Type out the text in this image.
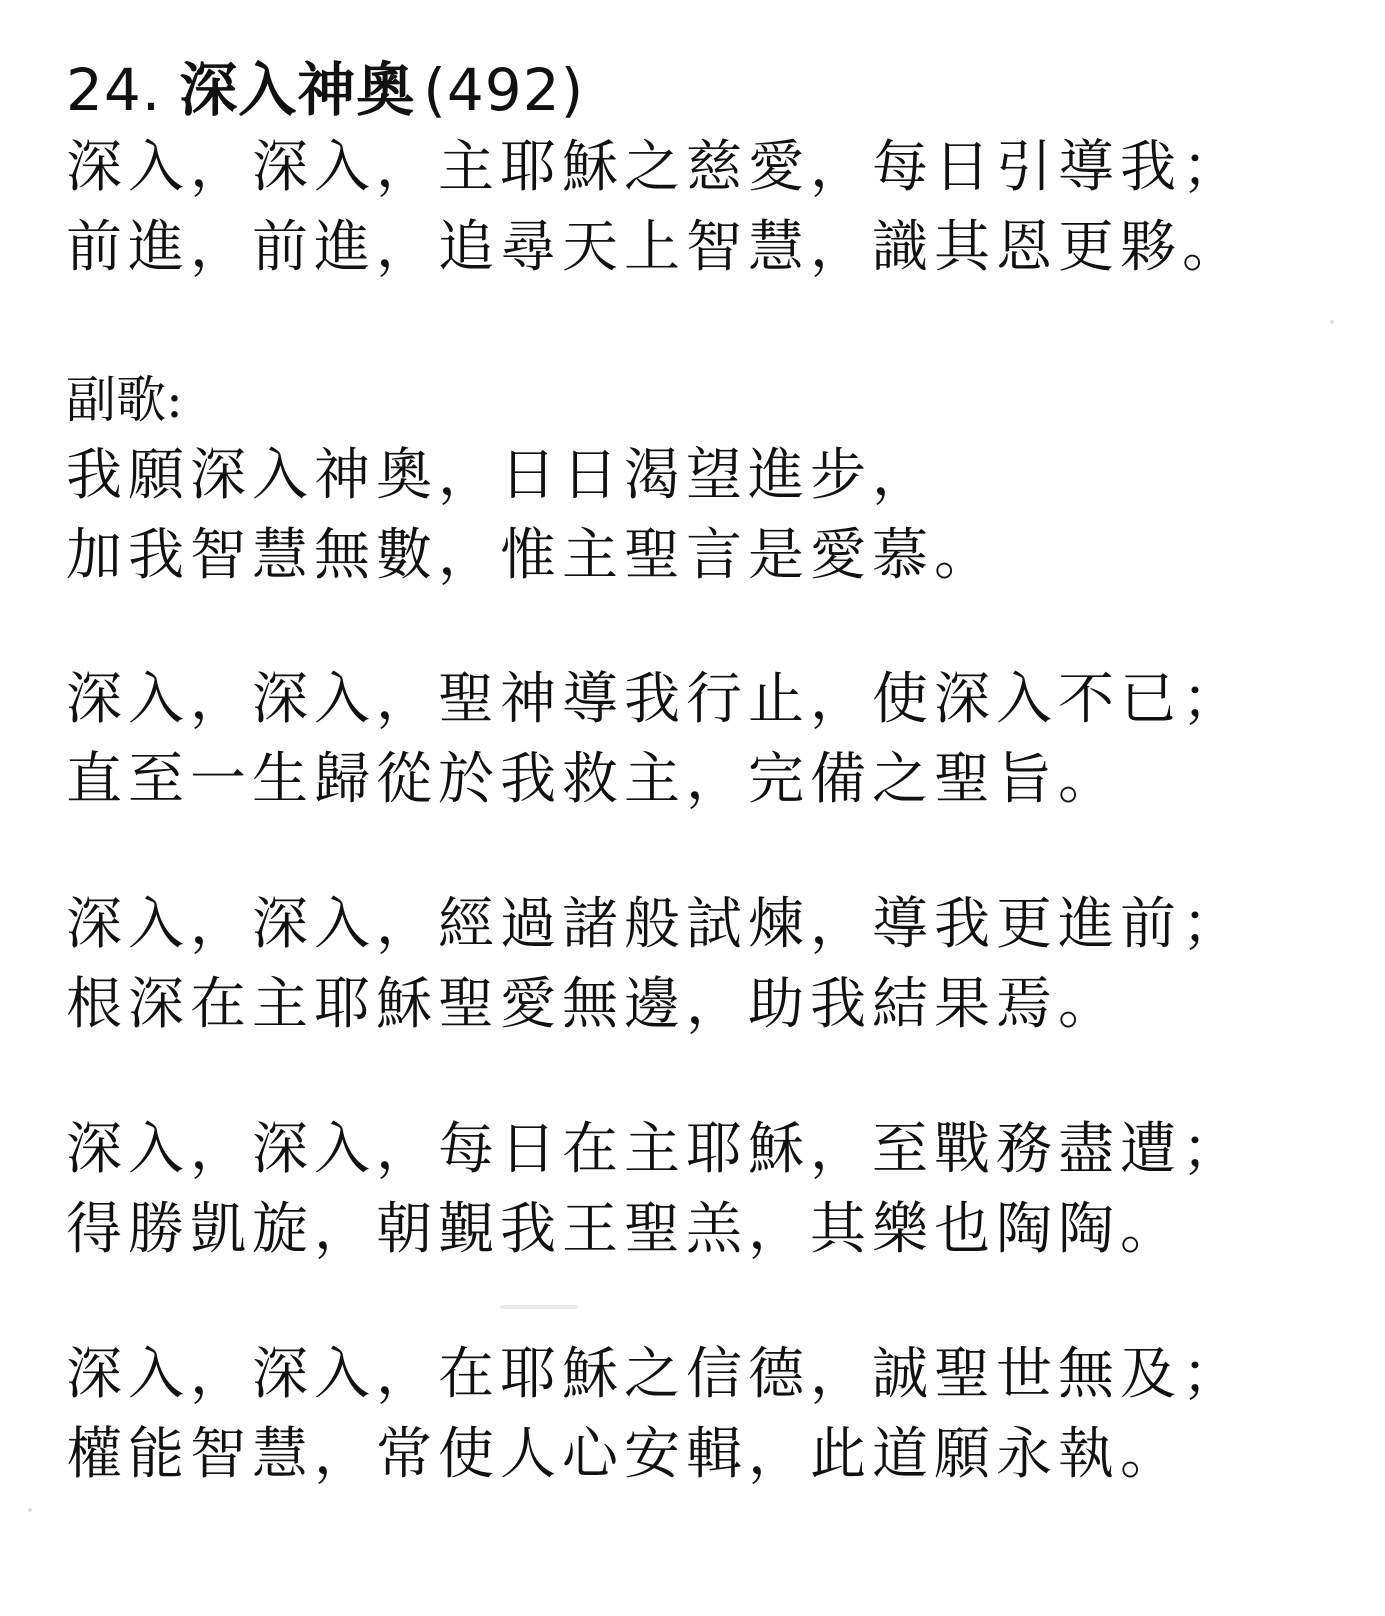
24. 深入神奧 (492)
深入，深入，主耶穌之慈愛，每日引導我；
前進，前進，追尋天上智慧，識其恩更夥。
副歌:
我願深入神奧，日日渴望進步，
加我智慧無數，惟主聖言是愛慕。
深入，深入，聖神導我行止，使深入不已；
直至一生歸從於我救主，完備之聖旨。
深入，深入，經過諸般試煉，導我更進前；
根深在主耶穌聖愛無邊，助我結果焉。
深入，深入，每日在主耶穌，至戰務盡遭；
得勝凱旋，朝覲我王聖羔，其樂也陶陶。
深入，深入，在耶穌之信德，誠聖世無及；
權能智慧，常使人心安輯，此道願永執。
